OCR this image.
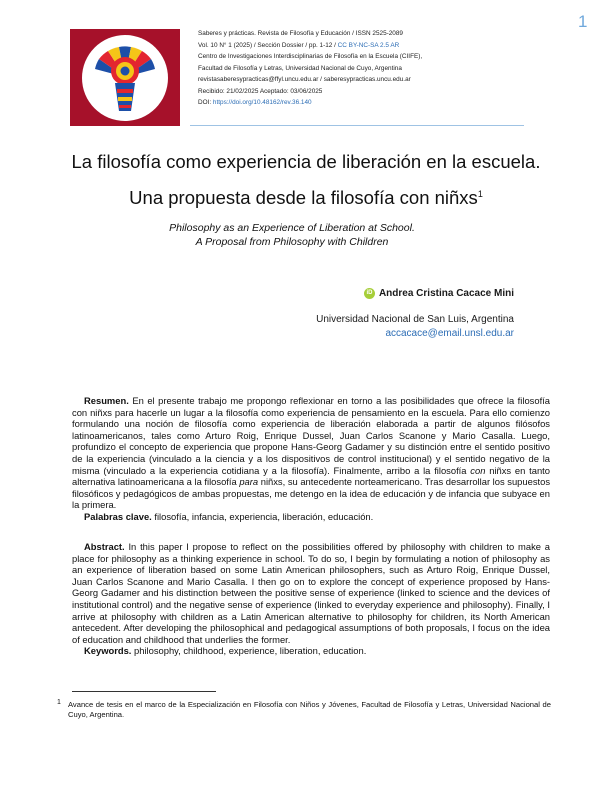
1
Saberes y prácticas. Revista de Filosofía y Educación / ISSN 2525-2089
Vol. 10 N° 1 (2025) / Sección Dossier / pp. 1-12 / CC BY-NC-SA 2.5 AR
Centro de Investigaciones Interdisciplinarias de Filosofía en la Escuela (CIIFE),
Facultad de Filosofía y Letras, Universidad Nacional de Cuyo, Argentina
revistasaberesypracticas@ffyl.uncu.edu.ar / saberesypracticas.uncu.edu.ar
Recibido: 21/02/2025 Aceptado: 03/06/2025
DOI: https://doi.org/10.48162/rev.36.140
La filosofía como experiencia de liberación en la escuela.
Una propuesta desde la filosofía con niñxs$^1$
Philosophy as an Experience of Liberation at School.
A Proposal from Philosophy with Children
iD Andrea Cristina Cacace Mini
Universidad Nacional de San Luis, Argentina
accacace@email.unsl.edu.ar
Resumen. En el presente trabajo me propongo reflexionar en torno a las posibilidades que ofrece la filosofía con niñxs para hacerle un lugar a la filosofía como experiencia de pensamiento en la escuela. Para ello comienzo formulando una noción de filosofía como experiencia de liberación elaborada a partir de algunos filósofos latinoamericanos, tales como Arturo Roig, Enrique Dussel, Juan Carlos Scanone y Mario Casalla. Luego, profundizo el concepto de experiencia que propone Hans-Georg Gadamer y su distinción entre el sentido positivo de la experiencia (vinculado a la ciencia y a los dispositivos de control institucional) y el sentido negativo de la misma (vinculado a la experiencia cotidiana y a la filosofía). Finalmente, arribo a la filosofía con niñxs en tanto alternativa latinoamericana a la filosofía para niñxs, su antecedente norteamericano. Tras desarrollar los supuestos filosóficos y pedagógicos de ambas propuestas, me detengo en la idea de educación y de infancia que subyace en la primera.
Palabras clave. filosofía, infancia, experiencia, liberación, educación.
Abstract. In this paper I propose to reflect on the possibilities offered by philosophy with children to make a place for philosophy as a thinking experience in school. To do so, I begin by formulating a notion of philosophy as an experience of liberation based on some Latin American philosophers, such as Arturo Roig, Enrique Dussel, Juan Carlos Scanone and Mario Casalla. I then go on to explore the concept of experience proposed by Hans-Georg Gadamer and his distinction between the positive sense of experience (linked to science and the devices of institutional control) and the negative sense of experience (linked to everyday experience and philosophy). Finally, I arrive at philosophy with children as a Latin American alternative to philosophy for children, its North American antecedent. After developing the philosophical and pedagogical assumptions of both proposals, I focus on the idea of education and childhood that underlies the former.
Keywords. philosophy, childhood, experience, liberation, education.
1 Avance de tesis en el marco de la Especialización en Filosofía con Niños y Jóvenes, Facultad de Filosofía y Letras, Universidad Nacional de Cuyo, Argentina.
